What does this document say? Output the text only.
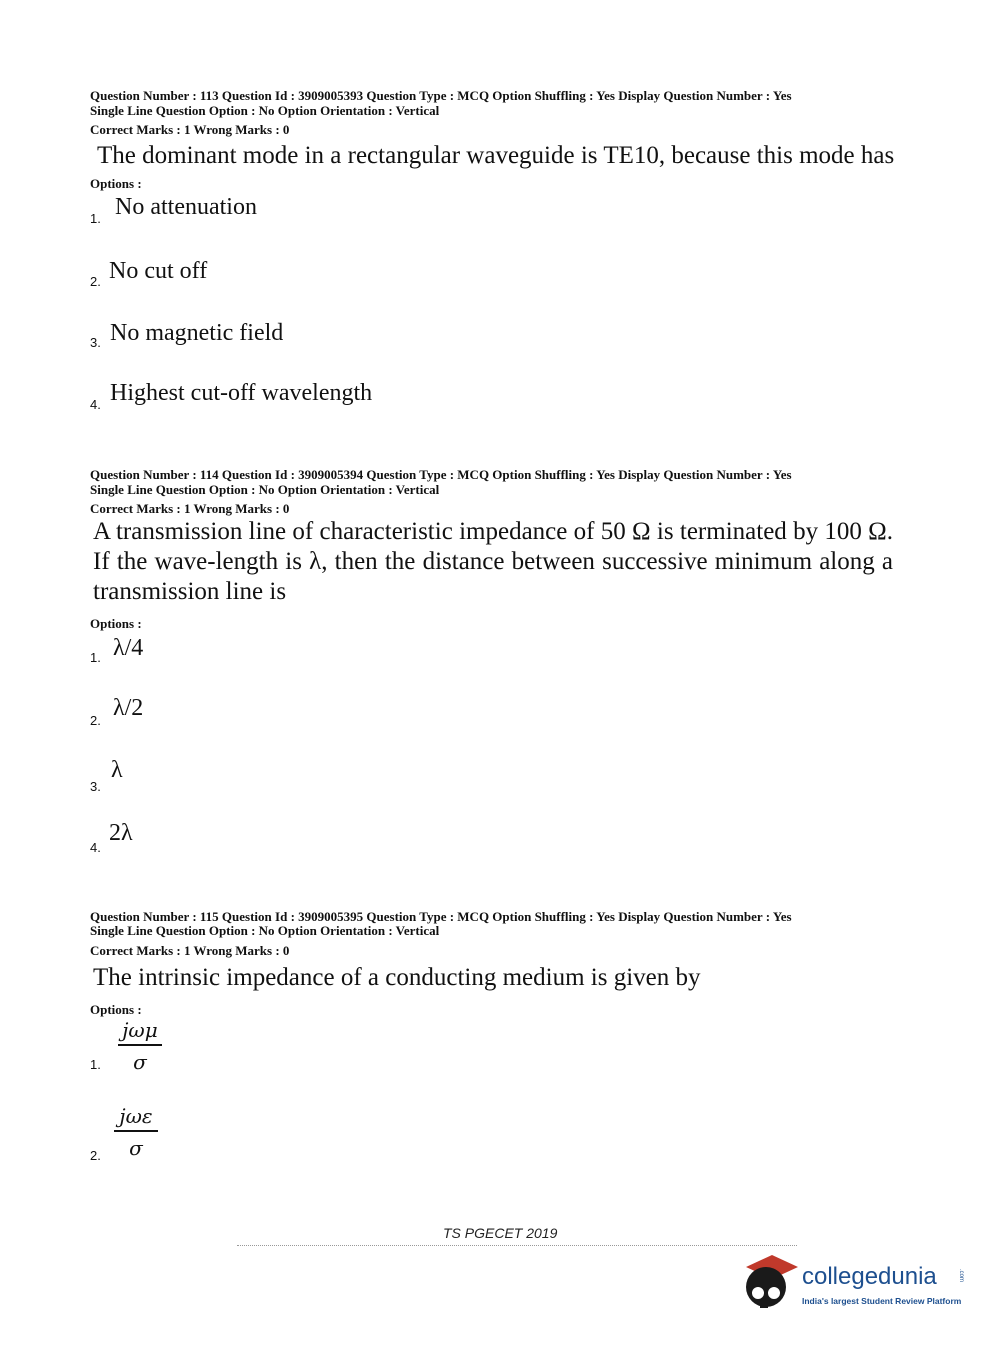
Question Number : 113 Question Id : 3909005393 Question Type : MCQ Option Shuffling : Yes Display Question Number : Yes
Single Line Question Option : No Option Orientation : Vertical
Correct Marks : 1 Wrong Marks : 0
The dominant mode in a rectangular waveguide is TE10, because this mode has
Options :
1. No attenuation
2. No cut off
3. No magnetic field
4. Highest cut-off wavelength
Question Number : 114 Question Id : 3909005394 Question Type : MCQ Option Shuffling : Yes Display Question Number : Yes
Single Line Question Option : No Option Orientation : Vertical
Correct Marks : 1 Wrong Marks : 0
A transmission line of characteristic impedance of 50 Ω is terminated by 100 Ω. If the wave-length is λ, then the distance between successive minimum along a transmission line is
Options :
1. λ/4
2. λ/2
3.
λ
4.
2λ
Question Number : 115 Question Id : 3909005395 Question Type : MCQ Option Shuffling : Yes Display Question Number : Yes
Single Line Question Option : No Option Orientation : Vertical
Correct Marks : 1 Wrong Marks : 0
The intrinsic impedance of a conducting medium is given by
Options :
1.
jωμ
σ
2.
jωε
σ
TS PGECET 2019
collegedunia	.com
India's largest Student Review Platform
